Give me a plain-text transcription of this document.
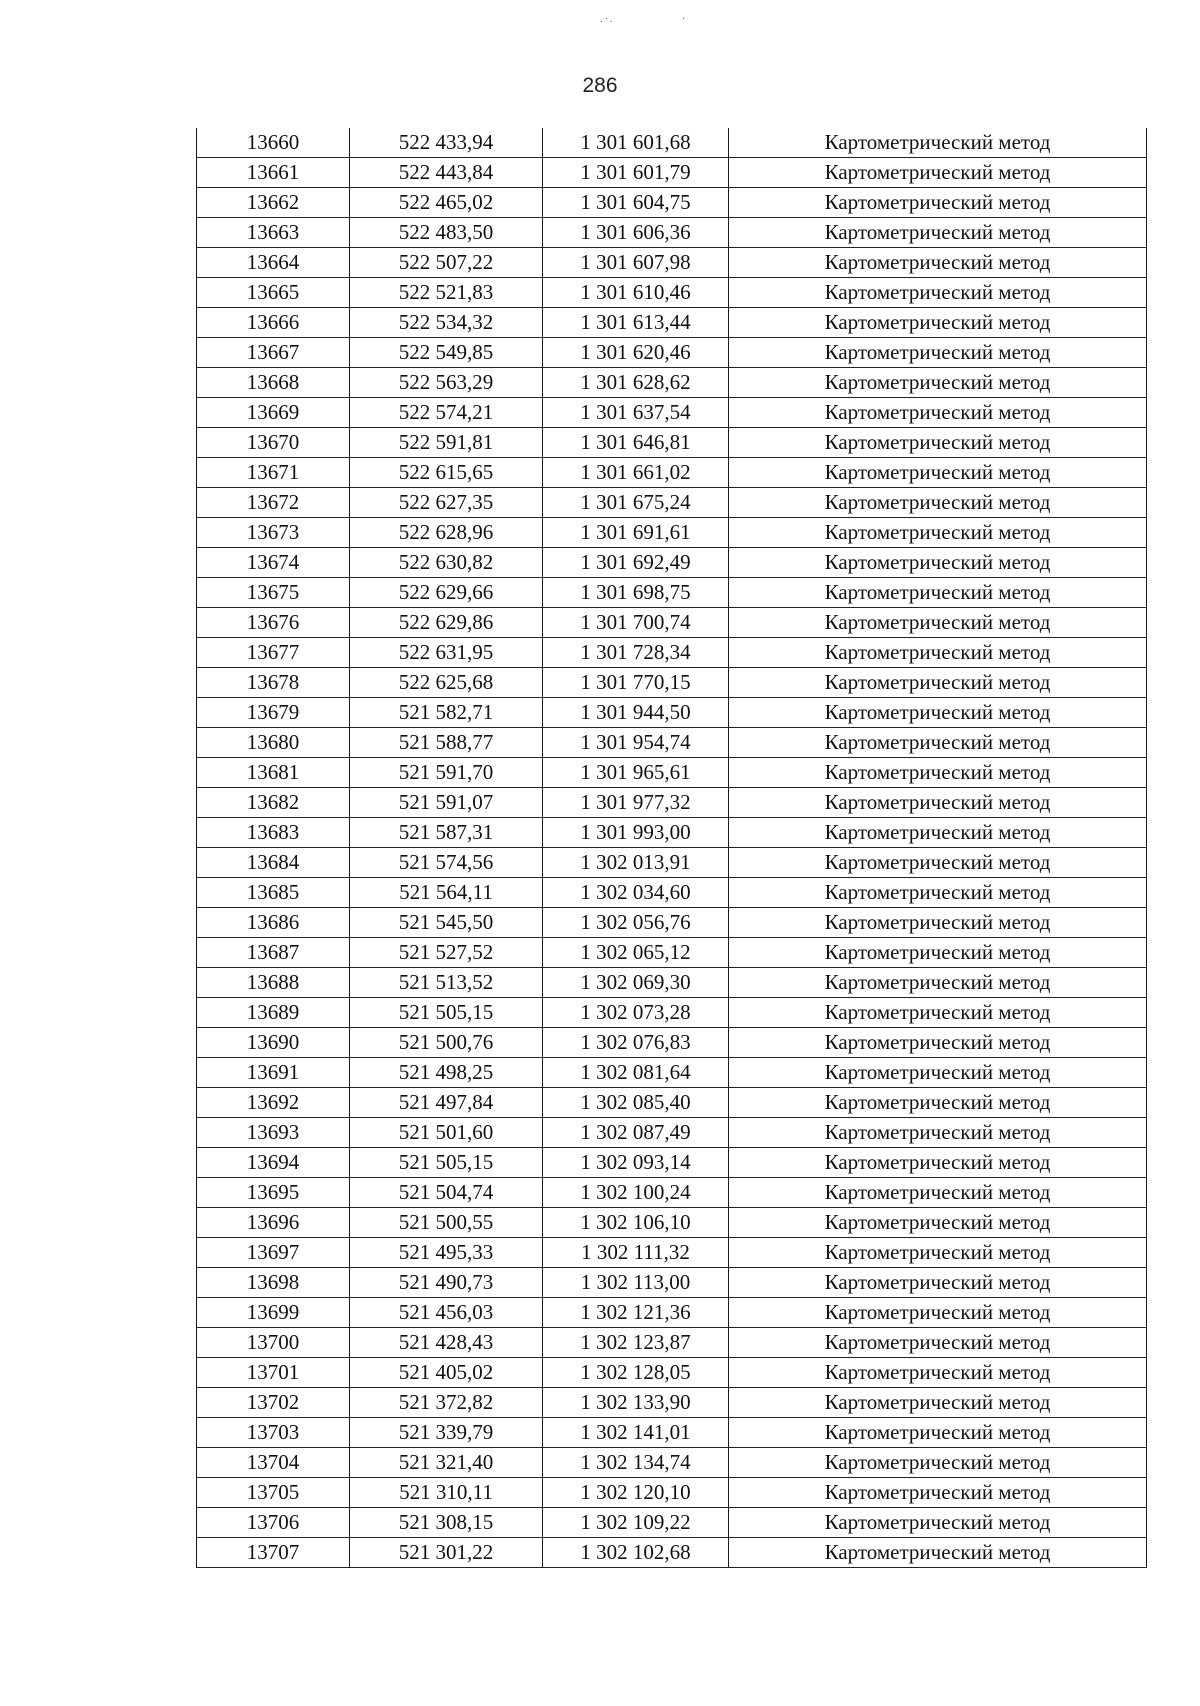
.·.               ·
286
13660	522 433,94	1 301 601,68	Картометрический метод
13661	522 443,84	1 301 601,79	Картометрический метод
13662	522 465,02	1 301 604,75	Картометрический метод
13663	522 483,50	1 301 606,36	Картометрический метод
13664	522 507,22	1 301 607,98	Картометрический метод
13665	522 521,83	1 301 610,46	Картометрический метод
13666	522 534,32	1 301 613,44	Картометрический метод
13667	522 549,85	1 301 620,46	Картометрический метод
13668	522 563,29	1 301 628,62	Картометрический метод
13669	522 574,21	1 301 637,54	Картометрический метод
13670	522 591,81	1 301 646,81	Картометрический метод
13671	522 615,65	1 301 661,02	Картометрический метод
13672	522 627,35	1 301 675,24	Картометрический метод
13673	522 628,96	1 301 691,61	Картометрический метод
13674	522 630,82	1 301 692,49	Картометрический метод
13675	522 629,66	1 301 698,75	Картометрический метод
13676	522 629,86	1 301 700,74	Картометрический метод
13677	522 631,95	1 301 728,34	Картометрический метод
13678	522 625,68	1 301 770,15	Картометрический метод
13679	521 582,71	1 301 944,50	Картометрический метод
13680	521 588,77	1 301 954,74	Картометрический метод
13681	521 591,70	1 301 965,61	Картометрический метод
13682	521 591,07	1 301 977,32	Картометрический метод
13683	521 587,31	1 301 993,00	Картометрический метод
13684	521 574,56	1 302 013,91	Картометрический метод
13685	521 564,11	1 302 034,60	Картометрический метод
13686	521 545,50	1 302 056,76	Картометрический метод
13687	521 527,52	1 302 065,12	Картометрический метод
13688	521 513,52	1 302 069,30	Картометрический метод
13689	521 505,15	1 302 073,28	Картометрический метод
13690	521 500,76	1 302 076,83	Картометрический метод
13691	521 498,25	1 302 081,64	Картометрический метод
13692	521 497,84	1 302 085,40	Картометрический метод
13693	521 501,60	1 302 087,49	Картометрический метод
13694	521 505,15	1 302 093,14	Картометрический метод
13695	521 504,74	1 302 100,24	Картометрический метод
13696	521 500,55	1 302 106,10	Картометрический метод
13697	521 495,33	1 302 111,32	Картометрический метод
13698	521 490,73	1 302 113,00	Картометрический метод
13699	521 456,03	1 302 121,36	Картометрический метод
13700	521 428,43	1 302 123,87	Картометрический метод
13701	521 405,02	1 302 128,05	Картометрический метод
13702	521 372,82	1 302 133,90	Картометрический метод
13703	521 339,79	1 302 141,01	Картометрический метод
13704	521 321,40	1 302 134,74	Картометрический метод
13705	521 310,11	1 302 120,10	Картометрический метод
13706	521 308,15	1 302 109,22	Картометрический метод
13707	521 301,22	1 302 102,68	Картометрический метод
